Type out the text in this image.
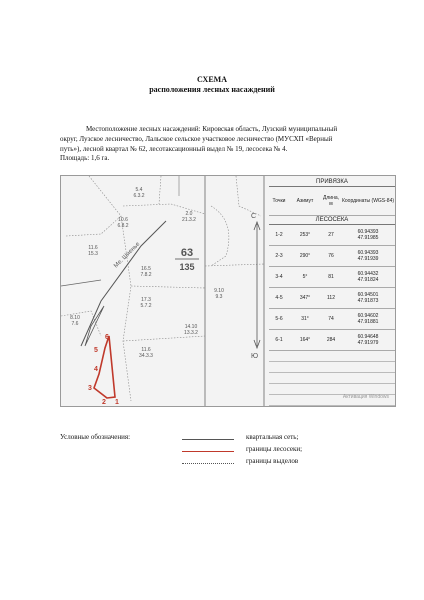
СХЕМА
расположения лесных насаждений
Местоположение лесных насаждений: Кировская область, Лузский муниципальный
округ, Лузское лесничество, Лальское сельское участковое лесничество (МУСХП «Верный
путь»), лесной квартал № 62, лесотаксационный выдел № 19, лесосека № 4.
Площадь: 1,6 га.
Ме. Шиенье	63
135
5.4
6.3.2
10.6
6.8.2
11.6
15.3
2.0
21.3.2
16.5
7.8.2
17.3
5.7.2
14.10
13.3.2
11.6
34.3.3
8.10
7.6
9.10
9.3
1
2
3
4
5
6
С
Ю
ПРИВЯЗКА
Точки	Азимут	Длина, м	Координаты (WGS-84)
ЛЕСОСЕКА
1-2	253°	27	60.94393
47.91985
2-3	290°	76	60.94393
47.91939
3-4	5°	81	60.94432
47.91824
4-5	347°	112	60.94501
47.91873
5-6	31°	74	60.94602
47.91881
6-1	164°	284	60.94648
47.91979
Активация Windows
Условные обозначения:	квартальная сеть;
границы лесосеки;
границы выделов
